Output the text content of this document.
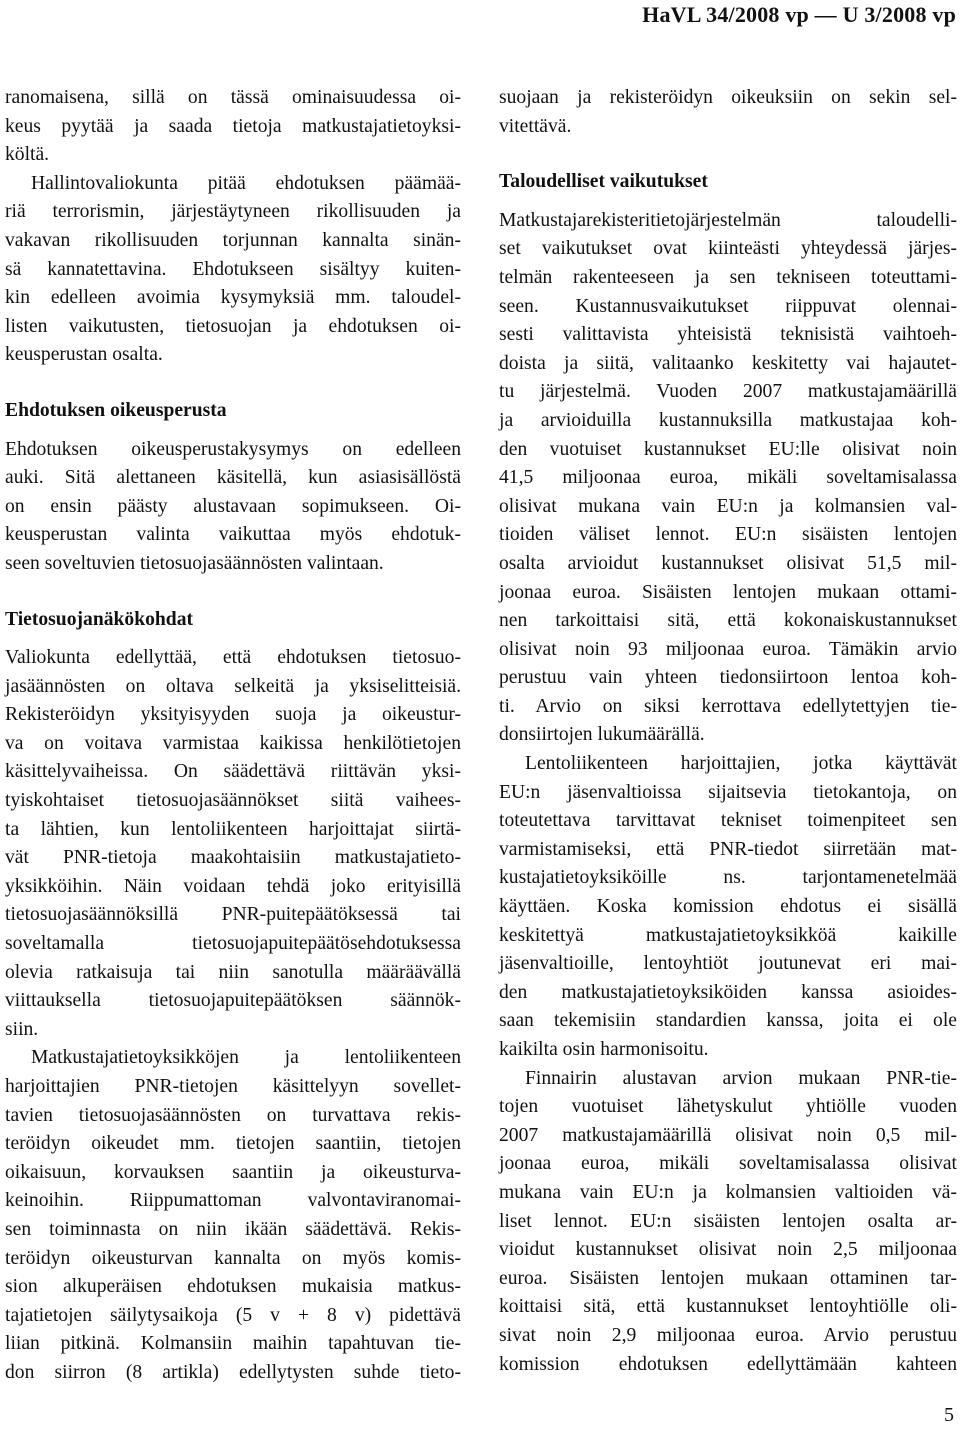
HaVL 34/2008 vp — U 3/2008 vp
ranomaisena, sillä on tässä ominaisuudessa oi-
keus pyytää ja saada tietoja matkustajatietoyksi-
költä.
Hallintovaliokunta pitää ehdotuksen päämää-
riä terrorismin, järjestäytyneen rikollisuuden ja
vakavan rikollisuuden torjunnan kannalta sinän-
sä kannatettavina. Ehdotukseen sisältyy kuiten-
kin edelleen avoimia kysymyksiä mm. taloudel-
listen vaikutusten, tietosuojan ja ehdotuksen oi-
keusperustan osalta.
Ehdotuksen oikeusperusta
Ehdotuksen oikeusperustakysymys on edelleen
auki. Sitä alettaneen käsitellä, kun asiasisällöstä
on ensin päästy alustavaan sopimukseen. Oi-
keusperustan valinta vaikuttaa myös ehdotuk-
seen soveltuvien tietosuojasäännösten valintaan.
Tietosuojanäkökohdat
Valiokunta edellyttää, että ehdotuksen tietosuo-
jasäännösten on oltava selkeitä ja yksiselitteisiä.
Rekisteröidyn yksityisyyden suoja ja oikeustur-
va on voitava varmistaa kaikissa henkilötietojen
käsittelyvaiheissa. On säädettävä riittävän yksi-
tyiskohtaiset tietosuojasäännökset siitä vaihees-
ta lähtien, kun lentoliikenteen harjoittajat siirtä-
vät PNR-tietoja maakohtaisiin matkustajatieto-
yksikköihin. Näin voidaan tehdä joko erityisillä
tietosuojasäännöksillä PNR-puitepäätöksessä tai
soveltamalla tietosuojapuitepäätösehdotuksessa
olevia ratkaisuja tai niin sanotulla määräävällä
viittauksella tietosuojapuitepäätöksen säännök-
siin.
Matkustajatietoyksikköjen ja lentoliikenteen
harjoittajien PNR-tietojen käsittelyyn sovellet-
tavien tietosuojasäännösten on turvattava rekis-
teröidyn oikeudet mm. tietojen saantiin, tietojen
oikaisuun, korvauksen saantiin ja oikeusturva-
keinoihin. Riippumattoman valvontaviranomai-
sen toiminnasta on niin ikään säädettävä. Rekis-
teröidyn oikeusturvan kannalta on myös komis-
sion alkuperäisen ehdotuksen mukaisia matkus-
tajatietojen säilytysaikoja (5 v + 8 v) pidettävä
liian pitkinä. Kolmansiin maihin tapahtuvan tie-
don siirron (8 artikla) edellytysten suhde tieto-
suojaan ja rekisteröidyn oikeuksiin on sekin sel-
vitettävä.
Taloudelliset vaikutukset
Matkustajarekisteritietojärjestelmän taloudelli-
set vaikutukset ovat kiinteästi yhteydessä järjes-
telmän rakenteeseen ja sen tekniseen toteuttami-
seen. Kustannusvaikutukset riippuvat olennai-
sesti valittavista yhteisistä teknisistä vaihtoeh-
doista ja siitä, valitaanko keskitetty vai hajautet-
tu järjestelmä. Vuoden 2007 matkustajamäärillä
ja arvioiduilla kustannuksilla matkustajaa koh-
den vuotuiset kustannukset EU:lle olisivat noin
41,5 miljoonaa euroa, mikäli soveltamisalassa
olisivat mukana vain EU:n ja kolmansien val-
tioiden väliset lennot. EU:n sisäisten lentojen
osalta arvioidut kustannukset olisivat 51,5 mil-
joonaa euroa. Sisäisten lentojen mukaan ottami-
nen tarkoittaisi sitä, että kokonaiskustannukset
olisivat noin 93 miljoonaa euroa. Tämäkin arvio
perustuu vain yhteen tiedonsiirtoon lentoa koh-
ti. Arvio on siksi kerrottava edellytettyjen tie-
donsiirtojen lukumäärällä.
Lentoliikenteen harjoittajien, jotka käyttävät
EU:n jäsenvaltioissa sijaitsevia tietokantoja, on
toteutettava tarvittavat tekniset toimenpiteet sen
varmistamiseksi, että PNR-tiedot siirretään mat-
kustajatietoyksiköille ns. tarjontamenetelmää
käyttäen. Koska komission ehdotus ei sisällä
keskitettyä matkustajatietoyksikköä kaikille
jäsenvaltioille, lentoyhtiöt joutunevat eri mai-
den matkustajatietoyksiköiden kanssa asioides-
saan tekemisiin standardien kanssa, joita ei ole
kaikilta osin harmonisoitu.
Finnairin alustavan arvion mukaan PNR-tie-
tojen vuotuiset lähetyskulut yhtiölle vuoden
2007 matkustajamäärillä olisivat noin 0,5 mil-
joonaa euroa, mikäli soveltamisalassa olisivat
mukana vain EU:n ja kolmansien valtioiden vä-
liset lennot. EU:n sisäisten lentojen osalta ar-
vioidut kustannukset olisivat noin 2,5 miljoonaa
euroa. Sisäisten lentojen mukaan ottaminen tar-
koittaisi sitä, että kustannukset lentoyhtiölle oli-
sivat noin 2,9 miljoonaa euroa. Arvio perustuu
komission ehdotuksen edellyttämään kahteen
5
